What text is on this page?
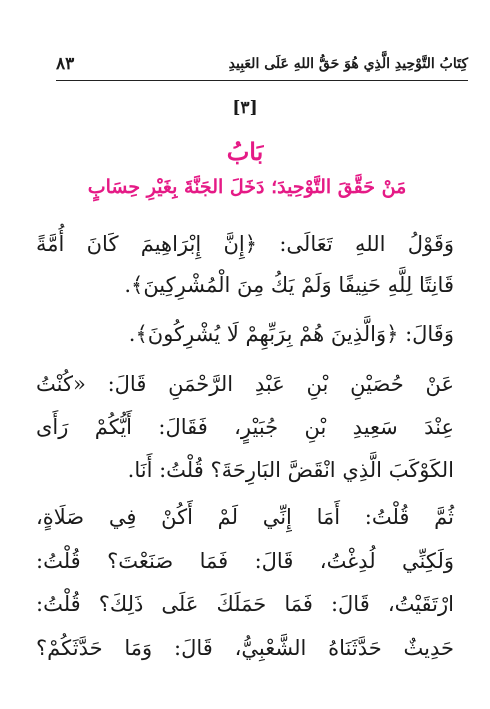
كِتَابُ التَّوْحِيدِ الَّذِي هُوَ حَقُّ اللهِ عَلَى العَبِيدِ
٨٣
[٣]
بَابُ
مَنْ حَقَّقَ التَّوْحِيدَ؛ دَخَلَ الجَنَّةَ بِغَيْرِ حِسَابٍ
وَقَوْلُ اللهِ تَعَالَى: ﴿إِنَّ إِبْرَاهِيمَ كَانَ أُمَّةً
قَانِتًا لِلَّهِ حَنِيفًا وَلَمْ يَكُ مِنَ الْمُشْرِكِينَ﴾.
وَقَالَ: ﴿وَالَّذِينَ هُمْ بِرَبِّهِمْ لَا يُشْرِكُونَ﴾.
عَنْ حُصَيْنِ بْنِ عَبْدِ الرَّحْمَنِ قَالَ: «كُنْتُ
عِنْدَ سَعِيدِ بْنِ جُبَيْرٍ، فَقَالَ: أَيُّكُمْ رَأَى
الكَوْكَبَ الَّذِي انْقَضَّ البَارِحَةَ؟ قُلْتُ: أَنَا.
ثُمَّ قُلْتُ: أَمَا إِنِّي لَمْ أَكُنْ فِي صَلَاةٍ،
وَلَكِنِّي لُدِغْتُ، قَالَ: فَمَا صَنَعْتَ؟ قُلْتُ:
ارْتَقَيْتُ، قَالَ: فَمَا حَمَلَكَ عَلَى ذَلِكَ؟ قُلْتُ:
حَدِيثٌ حَدَّثَنَاهُ الشَّعْبِيُّ، قَالَ: وَمَا حَدَّثَكُمْ؟
